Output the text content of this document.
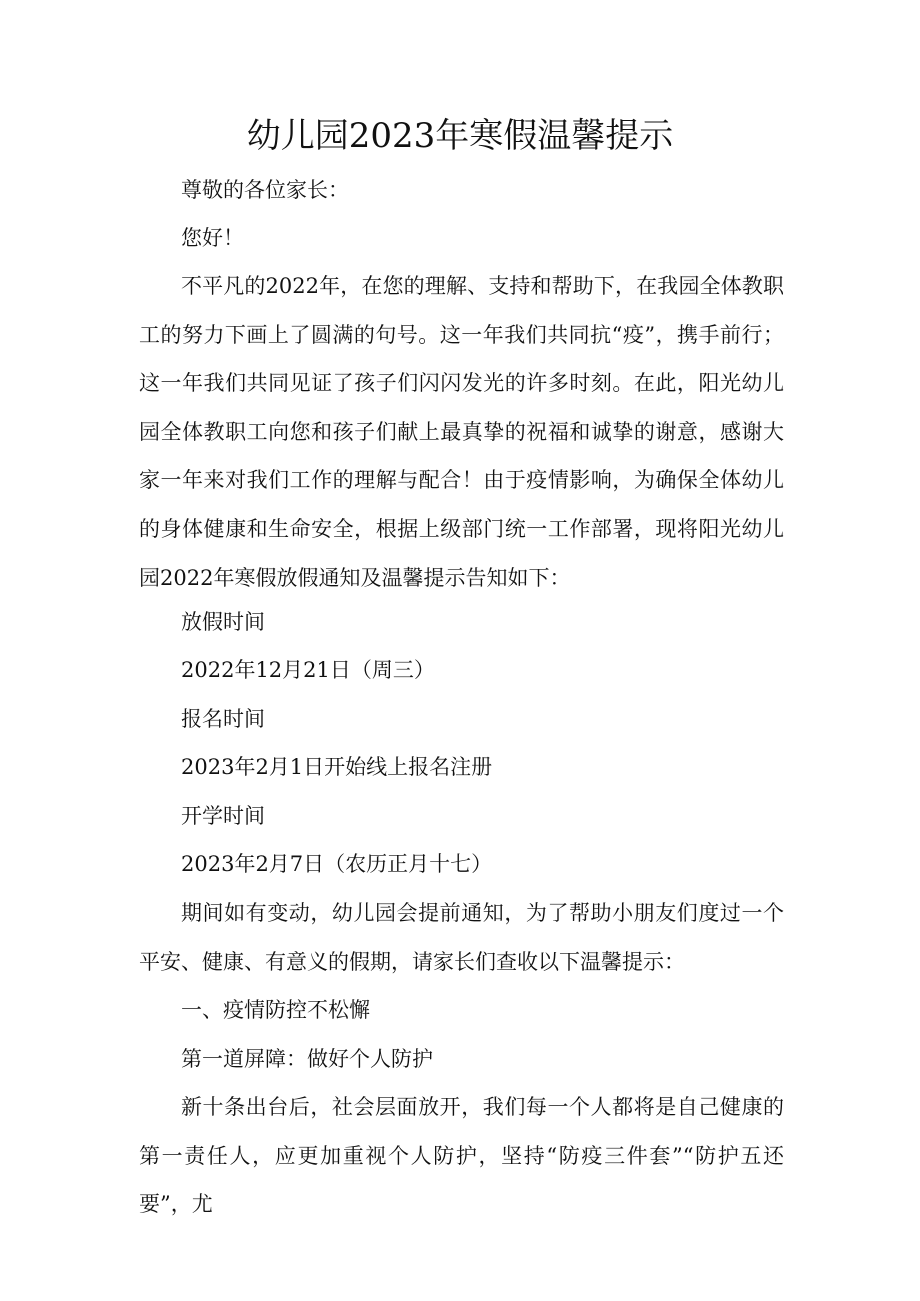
幼儿园2023年寒假温馨提示

尊敬的各位家长：

您好！

不平凡的2022年，在您的理解、支持和帮助下，在我园全体教职工的努力下画上了圆满的句号。这一年我们共同抗“疫”，携手前行；这一年我们共同见证了孩子们闪闪发光的许多时刻。在此，阳光幼儿园全体教职工向您和孩子们献上最真挚的祝福和诚挚的谢意，感谢大家一年来对我们工作的理解与配合！由于疫情影响，为确保全体幼儿的身体健康和生命安全，根据上级部门统一工作部署，现将阳光幼儿园2022年寒假放假通知及温馨提示告知如下：

放假时间

2022年12月21日（周三）

报名时间

2023年2月1日开始线上报名注册

开学时间

2023年2月7日（农历正月十七）

期间如有变动，幼儿园会提前通知，为了帮助小朋友们度过一个平安、健康、有意义的假期，请家长们查收以下温馨提示：

一、疫情防控不松懈

第一道屏障：做好个人防护

新十条出台后，社会层面放开，我们每一个人都将是自己健康的第一责任人，应更加重视个人防护，坚持“防疫三件套”“防护五还要”，尤
